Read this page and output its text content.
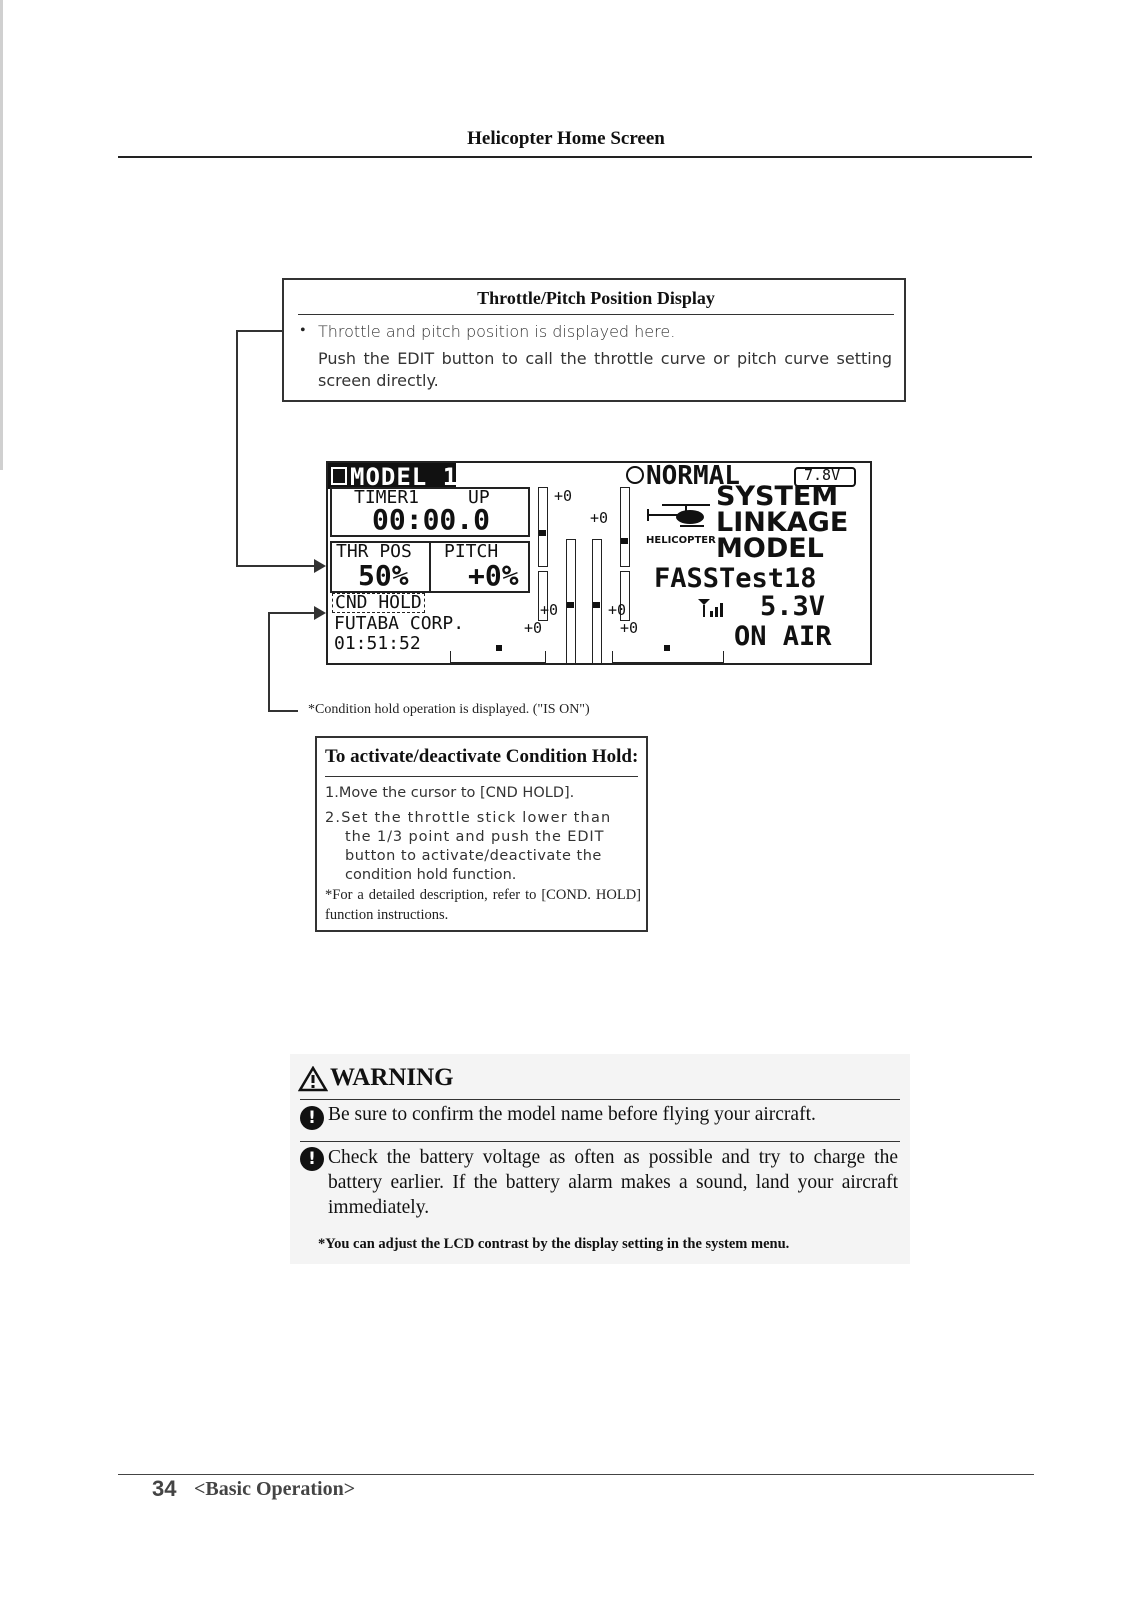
Helicopter Home Screen
Throttle/Pitch Position Display
• Throttle and pitch position is displayed here.
Push the EDIT button to call the throttle curve or pitch curve setting screen directly.
MODEL 1	NORMAL	7.8V
TIMER1	UP
00:00.0
THR POS
50%
PITCH
+0%
CND HOLD
FUTABA CORP.
01:51:52
+0
+0
+0	+0
+0	+0
HELICOPTER
SYSTEM
LINKAGE
MODEL
FASSTest18
5.3V
ON AIR
*Condition hold operation is displayed. ("IS ON")
To activate/deactivate Condition Hold:
1.Move the cursor to [CND HOLD].
2.Set the throttle stick lower than
the 1/3 point and push the EDIT
button to activate/deactivate the
condition hold function.
*For a detailed description, refer to [COND. HOLD] function instructions.
WARNING
! Be sure to confirm the model name before flying your aircraft.
! Check the battery voltage as often as possible and try to charge the battery earlier. If the battery alarm makes a sound, land your aircraft immediately.
*You can adjust the LCD contrast by the display setting in the system menu.
34 <Basic Operation>
